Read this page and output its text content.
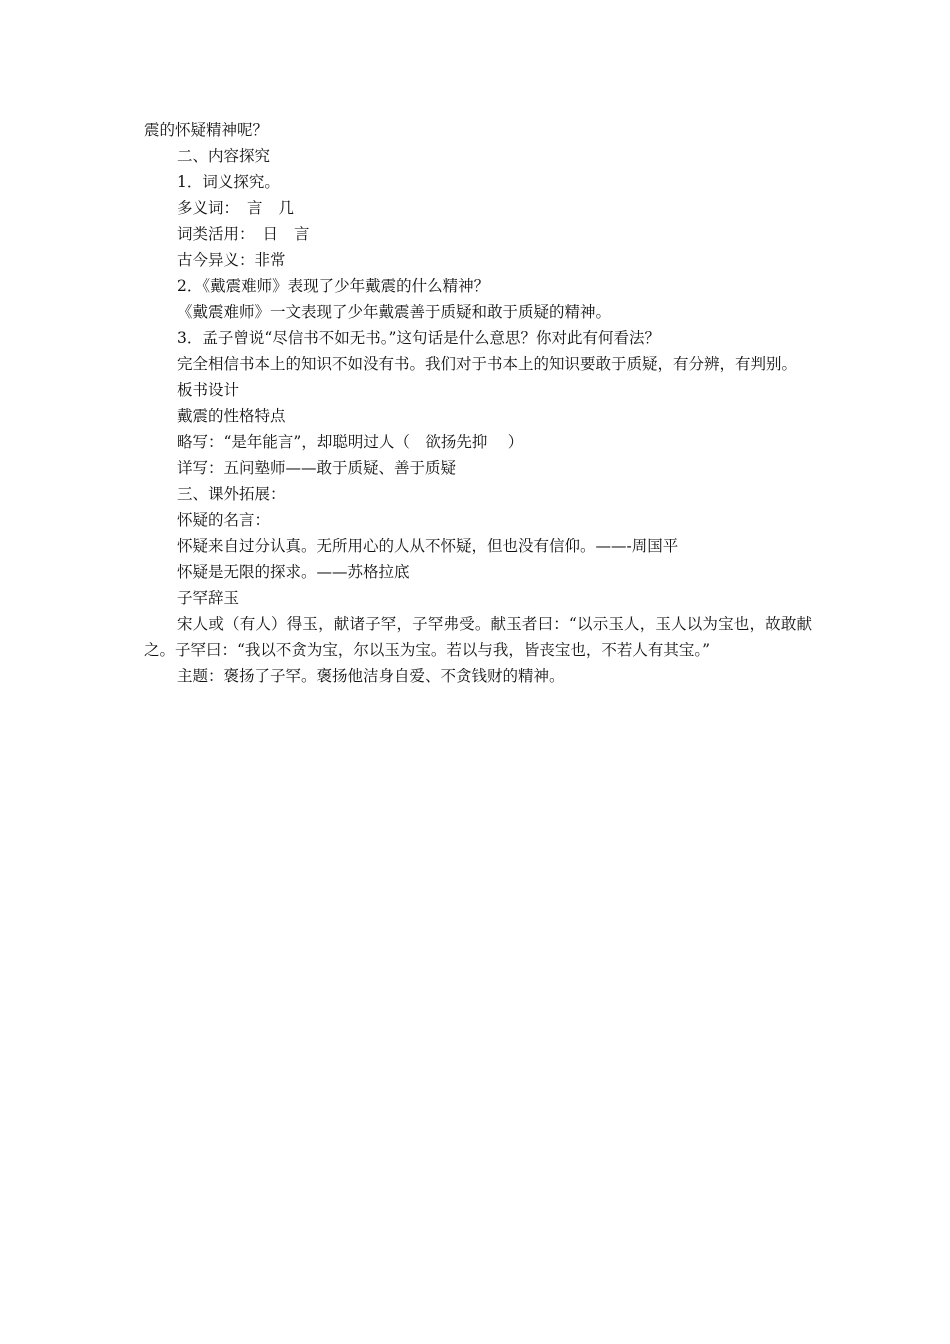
震的怀疑精神呢？

二、内容探究

1．词义探究。

多义词： 言 几

词类活用： 日 言

古今异义：非常

2．《戴震难师》表现了少年戴震的什么精神？

《戴震难师》一文表现了少年戴震善于质疑和敢于质疑的精神。

3．孟子曾说“尽信书不如无书。”这句话是什么意思？你对此有何看法？

完全相信书本上的知识不如没有书。我们对于书本上的知识要敢于质疑，有分辨，有判别。

板书设计

戴震的性格特点

略写：“是年能言”，却聪明过人（　欲扬先抑　 ）

详写：五问塾师——敢于质疑、善于质疑

三、课外拓展：

怀疑的名言：

怀疑来自过分认真。无所用心的人从不怀疑，但也没有信仰。——-周国平

怀疑是无限的探求。——苏格拉底

子罕辞玉

宋人或（有人）得玉，献诸子罕，子罕弗受。献玉者曰：“以示玉人，玉人以为宝也，故敢献之。子罕曰：“我以不贪为宝，尔以玉为宝。若以与我，皆丧宝也，不若人有其宝。”

主题：褒扬了子罕。褒扬他洁身自爱、不贪钱财的精神。
